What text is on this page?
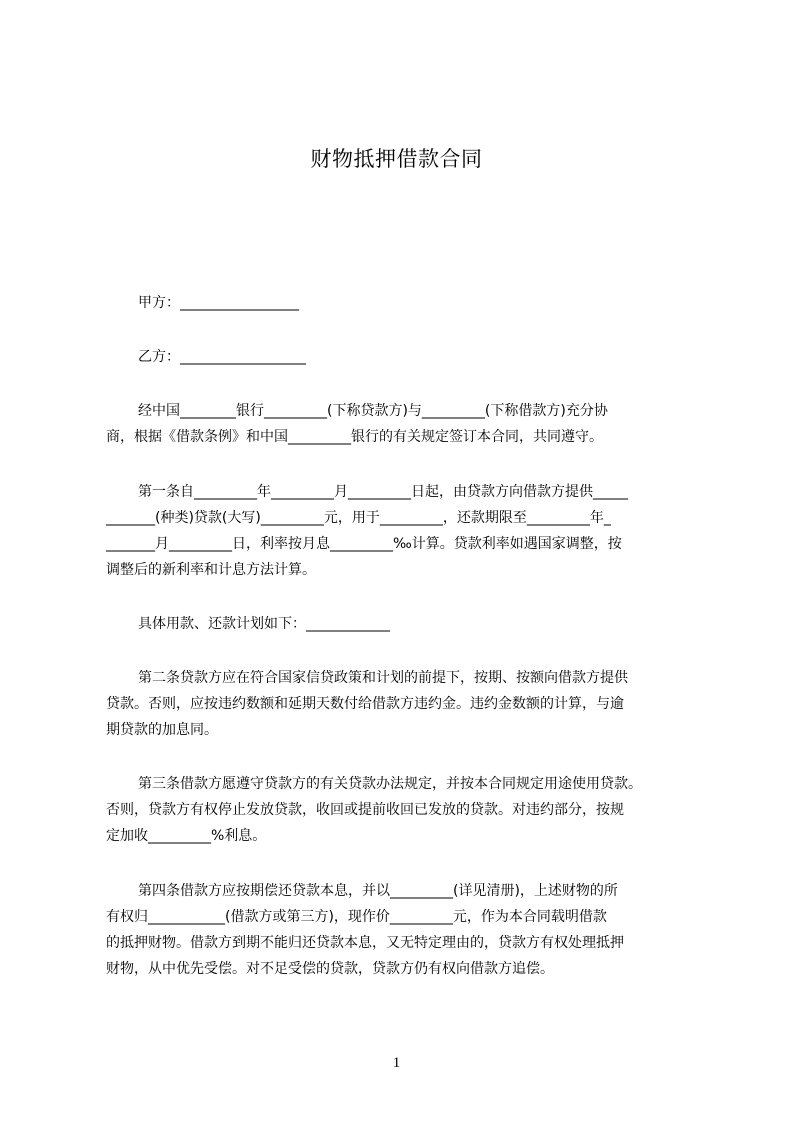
财物抵押借款合同
甲方：_________________
乙方：__________________
经中国________银行_________(下称贷款方)与_________(下称借款方)充分协
商，根据《借款条例》和中国_________银行的有关规定签订本合同，共同遵守。
第一条自_________年_________月_________日起，由贷款方向借款方提供_____
_______(种类)贷款(大写)_________元，用于_________，还款期限至_________年_
_______月_________日，利率按月息_________‰计算。贷款利率如遇国家调整，按
调整后的新利率和计息方法计算。
具体用款、还款计划如下：____________
第二条贷款方应在符合国家信贷政策和计划的前提下，按期、按额向借款方提供
贷款。否则，应按违约数额和延期天数付给借款方违约金。违约金数额的计算，与逾
期贷款的加息同。
第三条借款方愿遵守贷款方的有关贷款办法规定，并按本合同规定用途使用贷款。
否则，贷款方有权停止发放贷款，收回或提前收回已发放的贷款。对违约部分，按规
定加收_________%利息。
第四条借款方应按期偿还贷款本息，并以_________(详见清册)，上述财物的所
有权归___________(借款方或第三方)，现作价_________元，作为本合同载明借款
的抵押财物。借款方到期不能归还贷款本息，又无特定理由的，贷款方有权处理抵押
财物，从中优先受偿。对不足受偿的贷款，贷款方仍有权向借款方追偿。
1
